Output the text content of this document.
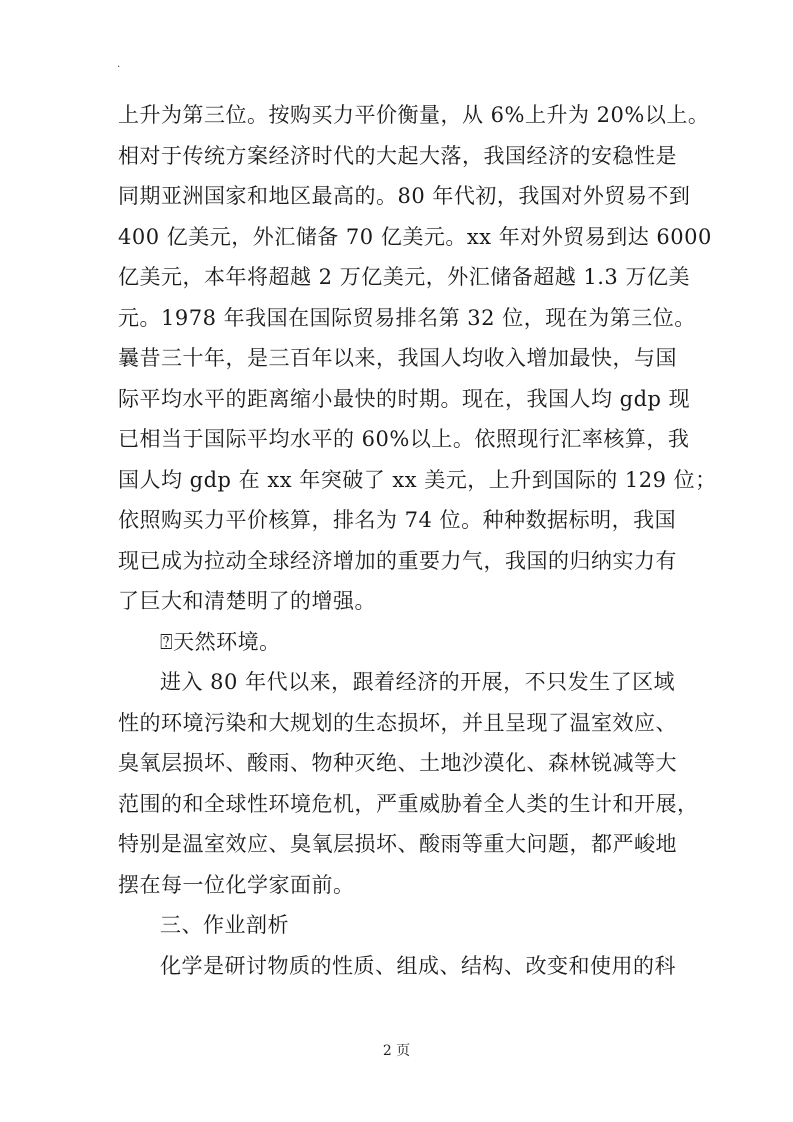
.
上升为第三位。按购买力平价衡量，从 6%上升为 20%以上。
相对于传统方案经济时代的大起大落，我国经济的安稳性是
同期亚洲国家和地区最高的。80 年代初，我国对外贸易不到
400 亿美元，外汇储备 70 亿美元。xx 年对外贸易到达 6000
亿美元，本年将超越 2 万亿美元，外汇储备超越 1.3 万亿美
元。1978 年我国在国际贸易排名第 32 位，现在为第三位。
曩昔三十年，是三百年以来，我国人均收入增加最快，与国
际平均水平的距离缩小最快的时期。现在，我国人均 gdp 现
已相当于国际平均水平的 60%以上。依照现行汇率核算，我
国人均 gdp 在 xx 年突破了 xx 美元，上升到国际的 129 位；
依照购买力平价核算，排名为 74 位。种种数据标明，我国
现已成为拉动全球经济增加的重要力气，我国的归纳实力有
了巨大和清楚明了的增强。
⍰天然环境。
进入 80 年代以来，跟着经济的开展，不只发生了区域
性的环境污染和大规划的生态损坏，并且呈现了温室效应、
臭氧层损坏、酸雨、物种灭绝、土地沙漠化、森林锐减等大
范围的和全球性环境危机，严重威胁着全人类的生计和开展，
特别是温室效应、臭氧层损坏、酸雨等重大问题，都严峻地
摆在每一位化学家面前。
三、作业剖析
化学是研讨物质的性质、组成、结构、改变和使用的科
2 页
